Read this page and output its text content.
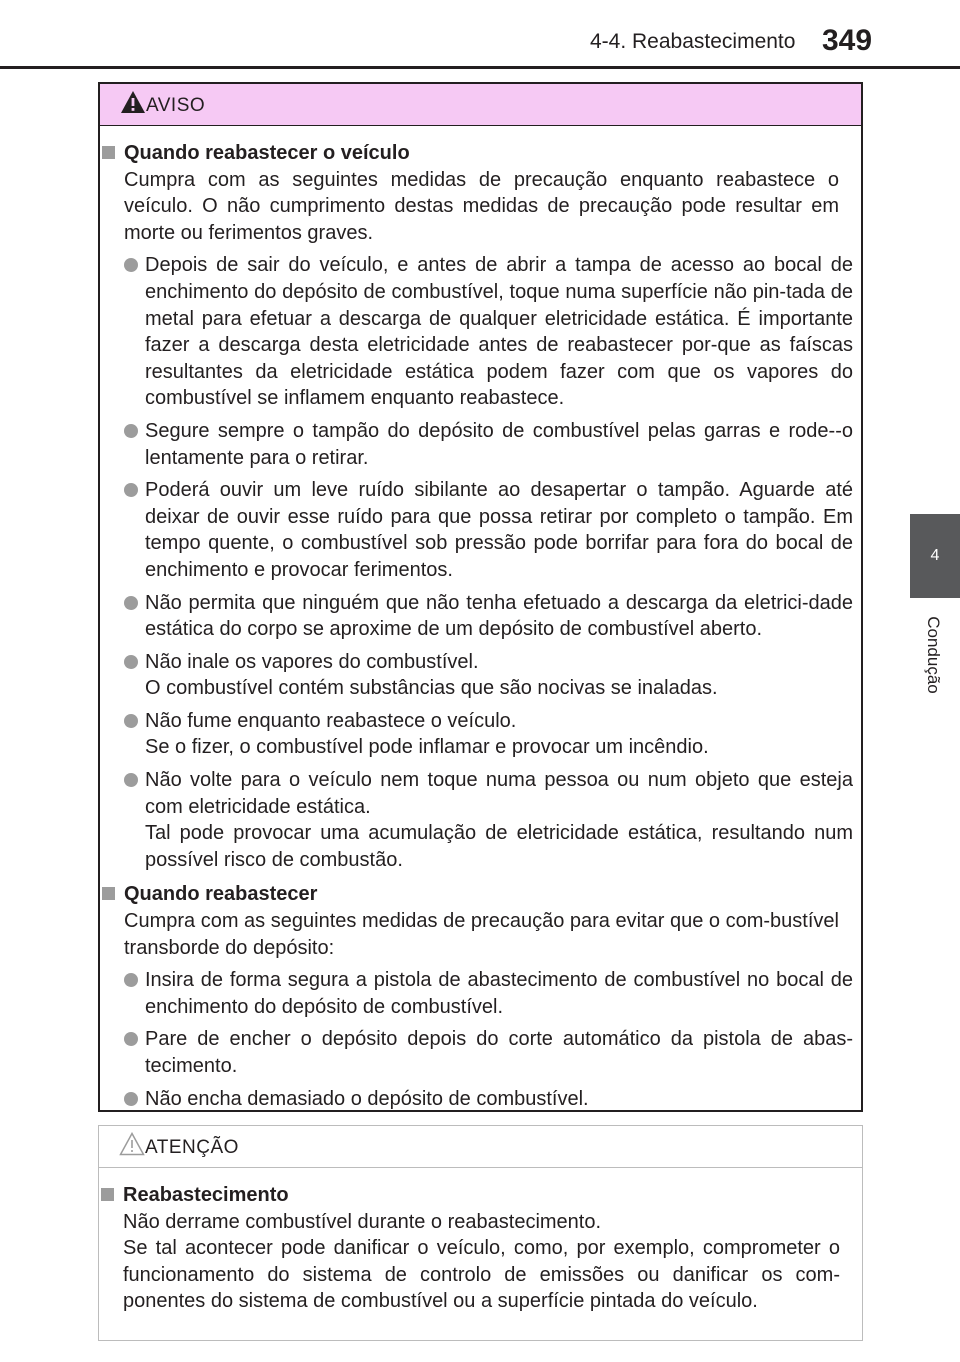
4-4. Reabastecimento 349
4
Condução
AVISO
Quando reabastecer o veículo
Cumpra com as seguintes medidas de precaução enquanto reabastece o veículo. O não cumprimento destas medidas de precaução pode resultar em morte ou ferimentos graves.
Depois de sair do veículo, e antes de abrir a tampa de acesso ao bocal de enchimento do depósito de combustível, toque numa superfície não pin-tada de metal para efetuar a descarga de qualquer eletricidade estática. É importante fazer a descarga desta eletricidade antes de reabastecer por-que as faíscas resultantes da eletricidade estática podem fazer com que os vapores do combustível se inflamem enquanto reabastece.
Segure sempre o tampão do depósito de combustível pelas garras e rode--o lentamente para o retirar.
Poderá ouvir um leve ruído sibilante ao desapertar o tampão. Aguarde até deixar de ouvir esse ruído para que possa retirar por completo o tampão. Em tempo quente, o combustível sob pressão pode borrifar para fora do bocal de enchimento e provocar ferimentos.
Não permita que ninguém que não tenha efetuado a descarga da eletrici-dade estática do corpo se aproxime de um depósito de combustível aberto.
Não inale os vapores do combustível.
O combustível contém substâncias que são nocivas se inaladas.
Não fume enquanto reabastece o veículo.
Se o fizer, o combustível pode inflamar e provocar um incêndio.
Não volte para o veículo nem toque numa pessoa ou num objeto que esteja com eletricidade estática.
Tal pode provocar uma acumulação de eletricidade estática, resultando num possível risco de combustão.
Quando reabastecer
Cumpra com as seguintes medidas de precaução para evitar que o com-bustível transborde do depósito:
Insira de forma segura a pistola de abastecimento de combustível no bocal de enchimento do depósito de combustível.
Pare de encher o depósito depois do corte automático da pistola de abas-tecimento.
Não encha demasiado o depósito de combustível.
ATENÇÃO
Reabastecimento
Não derrame combustível durante o reabastecimento.
Se tal acontecer pode danificar o veículo, como, por exemplo, comprometer o funcionamento do sistema de controlo de emissões ou danificar os com-ponentes do sistema de combustível ou a superfície pintada do veículo.
